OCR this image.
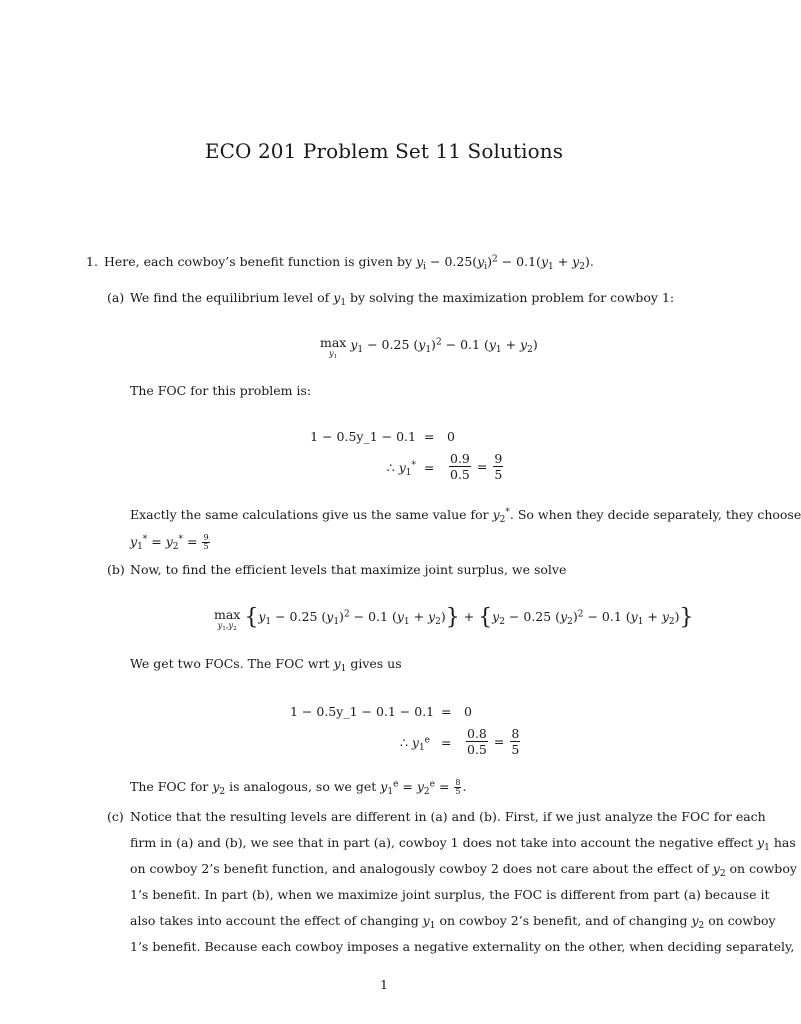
ECO 201 Problem Set 11 Solutions
1. Here, each cowboy’s benefit function is given by $y_i - 0.25(y_i)^2 - 0.1(y_1 + y_2)$.
(a) We find the equilibrium level of $y_1$ by solving the maximization problem for cowboy 1:
max
$y_1$
$y_1 - 0.25$ $(y_1)^2 - 0.1$ $(y_1 + y_2)$
The FOC for this problem is:
1 − 0.5y_1 − 0.1 = 0
∴ $y_1^* = \frac{0.9}{0.5} = \frac{9}{5}$
Exactly the same calculations give us the same value for $y_2^*$. So when they decide separately, they choose
$y_1^* = y_2^* = \frac{9}{5}$
(b) Now, to find the efficient levels that maximize joint surplus, we solve
max
$y_1,y_2$ {$y_1 - 0.25$ $(y_1)^2 - 0.1$ $(y_1 + y_2)\} + \{y_2 - 0.25$ $(y_2)^2 - 0.1$ $(y_1 + y_2)$}
We get two FOCs. The FOC wrt $y_1$ gives us
1 − 0.5y_1 − 0.1 − 0.1 = 0
∴ $y_1^e = \frac{0.8}{0.5} = \frac{8}{5}$
The FOC for $y_2$ is analogous, so we get $y_1^e = y_2^e = \frac{8}{5}$ .
(c) Notice that the resulting levels are different in (a) and (b). First, if we just analyze the FOC for each
firm in (a) and (b), we see that in part (a), cowboy 1 does not take into account the negative effect $y_1$ has
on cowboy 2’s benefit function, and analogously cowboy 2 does not care about the effect of $y_2$ on cowboy
1’s benefit. In part (b), when we maximize joint surplus, the FOC is different from part (a) because it
also takes into account the effect of changing $y_1$ on cowboy 2’s benefit, and of changing $y_2$ on cowboy
1’s benefit. Because each cowboy imposes a negative externality on the other, when deciding separately,
1
